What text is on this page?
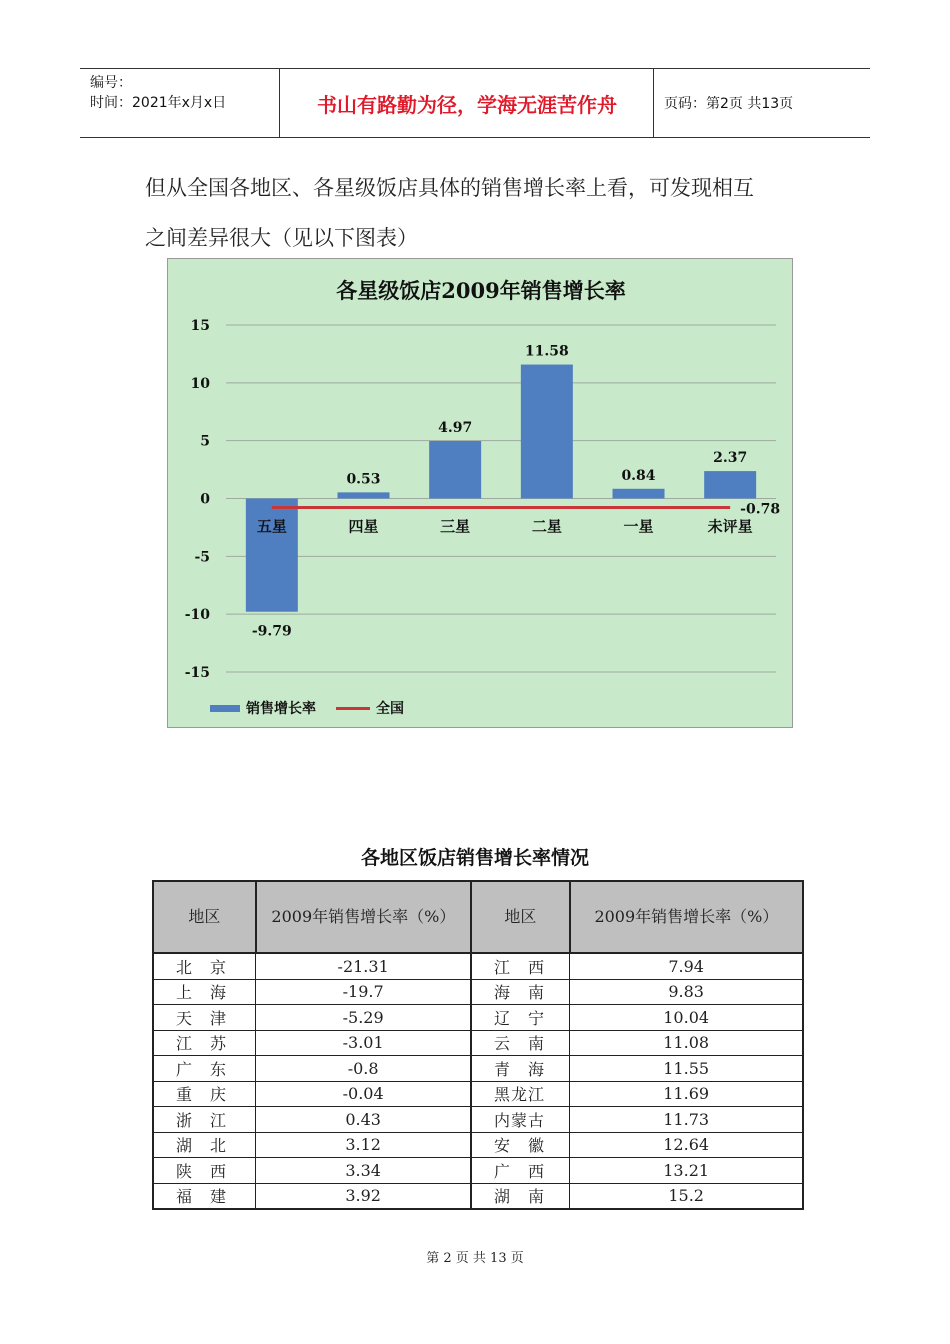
编号：
时间：2021年x月x日	书山有路勤为径，学海无涯苦作舟	页码：第2页 共13页
但从全国各地区、各星级饭店具体的销售增长率上看，可发现相互
之间差异很大（见以下图表）
各星级饭店2009年销售增长率
15
10
5
0
-5
-10
-15
-9.79
五星
0.53
四星
4.97
三星
11.58
二星
0.84
一星
2.37
未评星
-0.78
销售增长率	全国
各地区饭店销售增长率情况
地区	2009年销售增长率（%）	地区	2009年销售增长率（%）
北　京	-21.31	江　西	7.94
上　海	-19.7	海　南	9.83
天　津	-5.29	辽　宁	10.04
江　苏	-3.01	云　南	11.08
广　东	-0.8	青　海	11.55
重　庆	-0.04	黑龙江	11.69
浙　江	0.43	内蒙古	11.73
湖　北	3.12	安　徽	12.64
陕　西	3.34	广　西	13.21
福　建	3.92	湖　南	15.2
第 2 页 共 13 页
